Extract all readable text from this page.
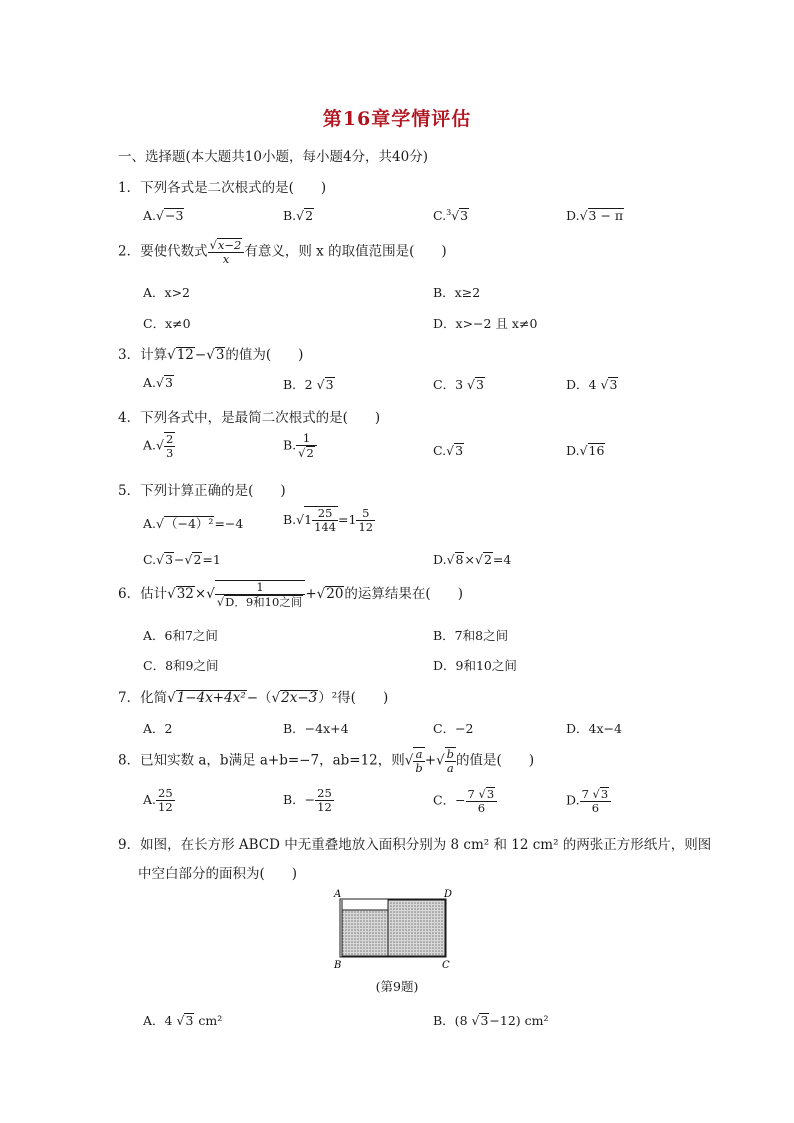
第16章学情评估
一、选择题(本大题共10小题，每小题4分，共40分)
1．下列各式是二次根式的是(　　)
A.√−3	B.√2	C.$^3$√3	D.√3 − π
2．要使代数式 $\frac{√x-2}{x}$ 有意义，则 x 的取值范围是(　　)
A．x>2	B．x≥2
C．x≠0	D．x>−2 且 x≠0
3．计算√12−√3的值为(　　)
A.√3	B．2 √3	C．3 √3	D．4 √3
4．下列各式中，是最简二次根式的是(　　)
$A.√ \frac{2}{3}$	B. $\frac{1}{√2}$	C.√3	D.√16
5．下列计算正确的是(　　)
A.√（−4）²=−4	$B.√1 \frac{25}{144} =1 \frac{5}{12}$
C.√3−√2=1	D.√8×√2=4
6．估计√32×√	1
√D．9和10之间 +√20的运算结果在(　　)
A．6和7之间	B．7和8之间
C．8和9之间	D．9和10之间
7．化简√1−4x+4x²−（√2x−3）²得(　　)
A．2	B．−4x+4	C．−2	D．4x−4
8．已知实数 a，b满足 a+b=−7，ab=12，则√ $\frac{a}{b}$ +√ $\frac{b}{a}$ 的值是(　　)
A. $\frac{25}{12}$	B．− $\frac{25}{12}$	C．− $\frac{7 √3}{6}$	D. $\frac{7 √3}{6}$
9．如图，在长方形 ABCD 中无重叠地放入面积分别为 8 cm² 和 12 cm² 的两张正方形纸片，则图
中空白部分的面积为(　　)
A
B	C
D
(第9题)
A．4 √3 cm²	B．(8 √3−12) cm²
